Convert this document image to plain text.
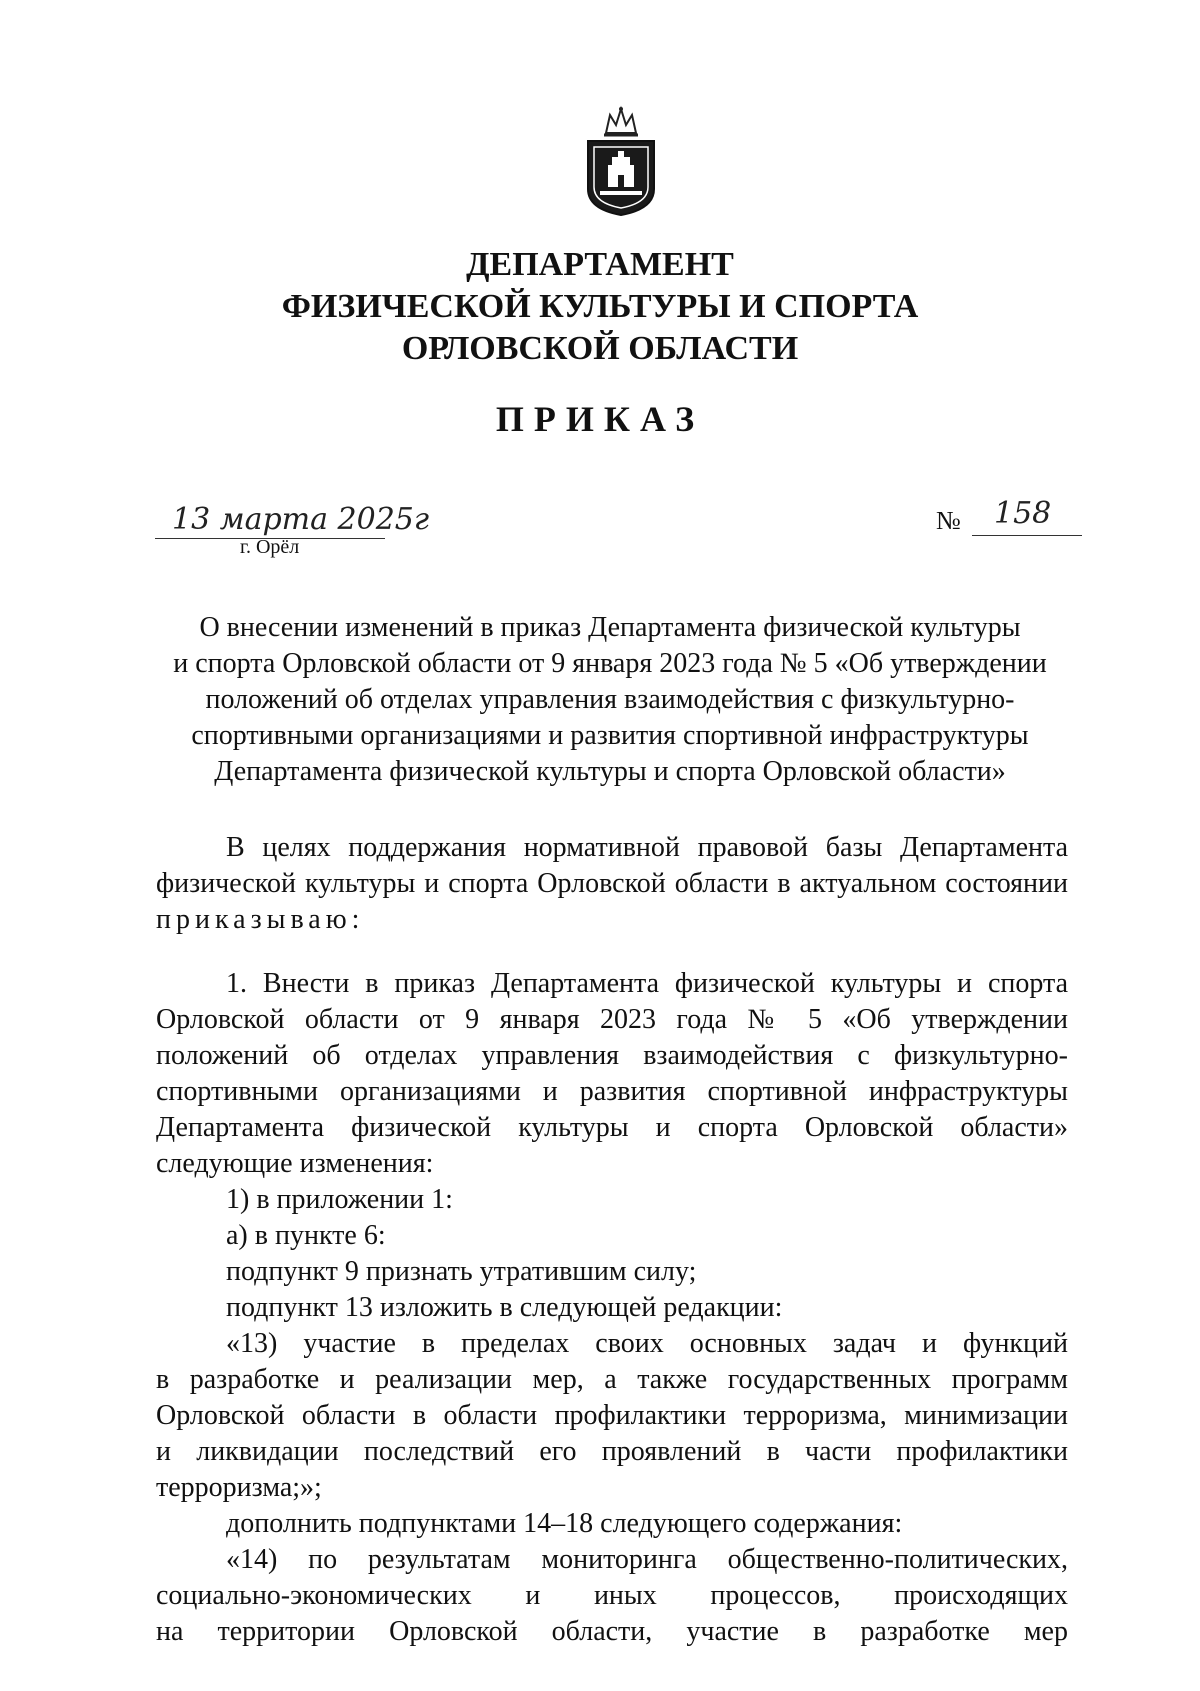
ДЕПАРТАМЕНТ
ФИЗИЧЕСКОЙ КУЛЬТУРЫ И СПОРТА
ОРЛОВСКОЙ ОБЛАСТИ
ПРИКАЗ
13 марта 2025г
г. Орёл
№ 158
О внесении изменений в приказ Департамента физической культуры
и спорта Орловской области от 9 января 2023 года № 5 «Об утверждении
положений об отделах управления взаимодействия с физкультурно-
спортивными организациями и развития спортивной инфраструктуры
Департамента физической культуры и спорта Орловской области»
В целях поддержания нормативной правовой базы Департамента
физической культуры и спорта Орловской области в актуальном состоянии
приказываю:
1. Внести в приказ Департамента физической культуры и спорта
Орловской области от 9 января 2023 года № 5 «Об утверждении
положений об отделах управления взаимодействия с физкультурно-
спортивными организациями и развития спортивной инфраструктуры
Департамента физической культуры и спорта Орловской области»
следующие изменения:
1) в приложении 1:
а) в пункте 6:
подпункт 9 признать утратившим силу;
подпункт 13 изложить в следующей редакции:
«13) участие в пределах своих основных задач и функций
в разработке и реализации мер, а также государственных программ
Орловской области в области профилактики терроризма, минимизации
и ликвидации последствий его проявлений в части профилактики
терроризма;»;
дополнить подпунктами 14–18 следующего содержания:
«14) по результатам мониторинга общественно-политических,
социально-экономических и иных процессов, происходящих
на территории Орловской области, участие в разработке мер
